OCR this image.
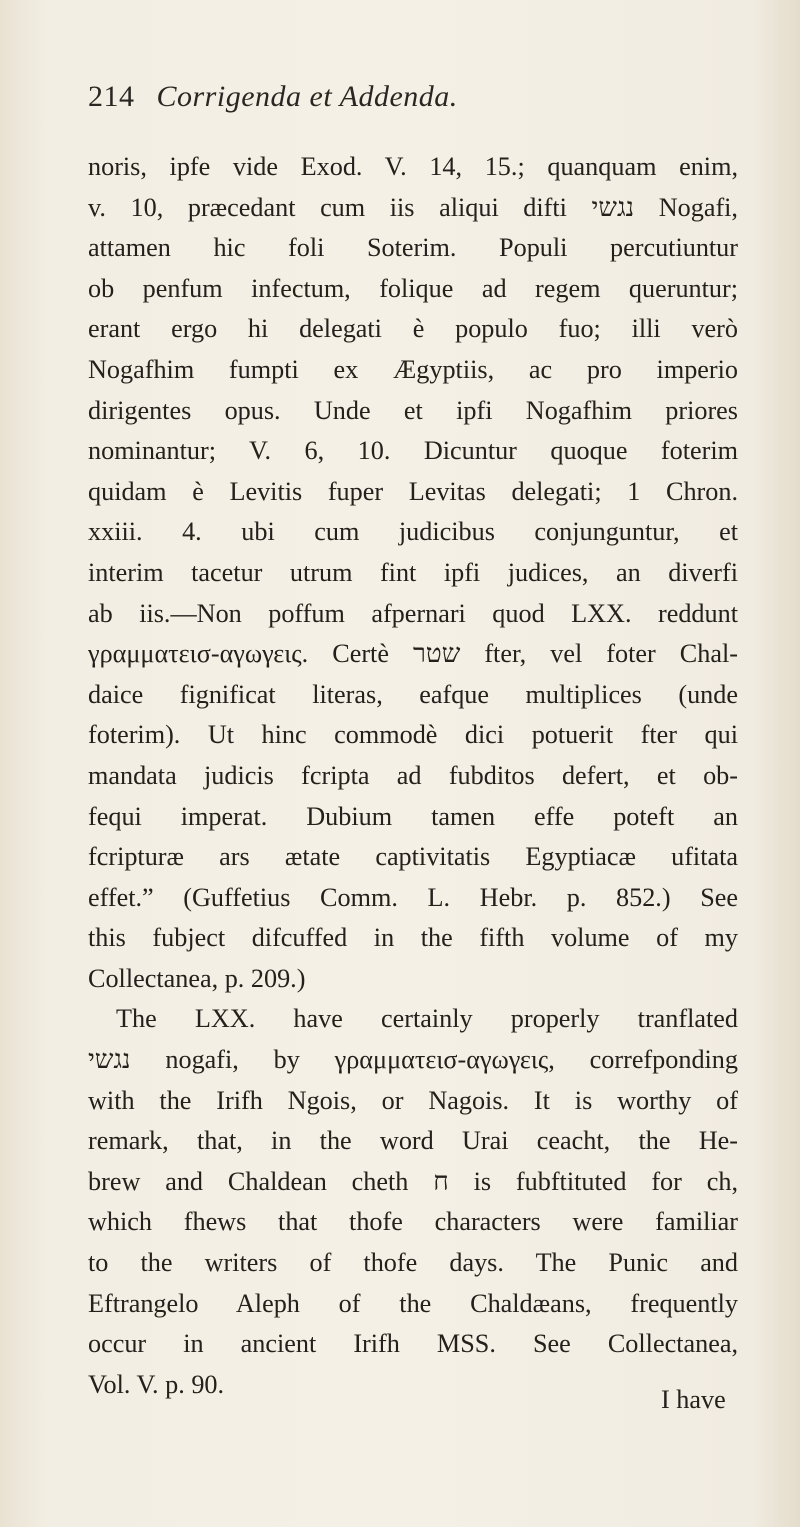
214 Corrigenda et Addenda.
noris, ipfe vide Exod. V. 14, 15.; quanquam enim,
v. 10, præcedant cum iis aliqui difti נגשי Nogafi,
attamen hic foli Soterim. Populi percutiuntur
ob penfum infectum, folique ad regem queruntur;
erant ergo hi delegati è populo fuo; illi verò
Nogafhim fumpti ex Ægyptiis, ac pro imperio
dirigentes opus. Unde et ipfi Nogafhim priores
nominantur; V. 6, 10. Dicuntur quoque foterim
quidam è Levitis fuper Levitas delegati; 1 Chron.
xxiii. 4. ubi cum judicibus conjunguntur, et
interim tacetur utrum fint ipfi judices, an diverfi
ab iis.—Non poffum afpernari quod LXX. reddunt
γραμματεισ-αγωγεις. Certè שטר fter, vel foter Chal-
daice fignificat literas, eafque multiplices (unde
foterim). Ut hinc commodè dici potuerit fter qui
mandata judicis fcripta ad fubditos defert, et ob-
fequi imperat. Dubium tamen effe poteft an
fcripturæ ars ætate captivitatis Egyptiacæ ufitata
effet.” (Guffetius Comm. L. Hebr. p. 852.) See
this fubject difcuffed in the fifth volume of my
Collectanea, p. 209.)
The LXX. have certainly properly tranflated
נגשי nogafi, by γραμματεισ-αγωγεις, correfponding
with the Irifh Ngois, or Nagois. It is worthy of
remark, that, in the word Urai ceacht, the He-
brew and Chaldean cheth ח is fubftituted for ch,
which fhews that thofe characters were familiar
to the writers of thofe days. The Punic and
Eftrangelo Aleph of the Chaldæans, frequently
occur in ancient Irifh MSS. See Collectanea,
Vol. V. p. 90.
I have
